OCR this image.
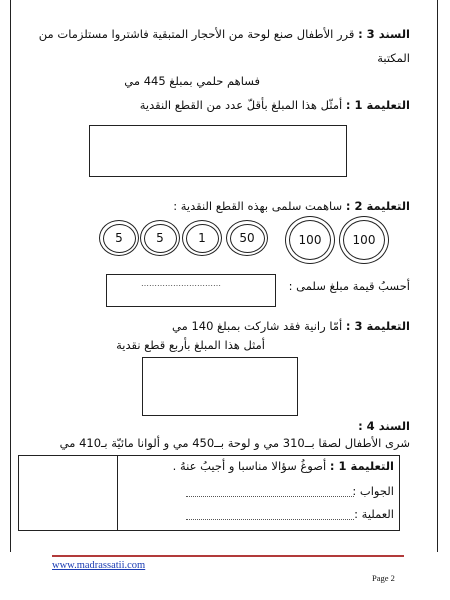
السند 3 : قرر الأطفال صنع لوحة من الأحجار المتبقية فاشتروا مستلزمات من
المكتبة
فساهم حلمي بمبلغ 445 مي
التعليمة 1 : أمثّل هذا المبلغ بأقلّ عدد من القطع النقدية
التعليمة 2 : ساهمت سلمى بهذه القطع النقدية :
100
100
50
1
5
5
أحسبُ قيمة مبلغ سلمى :
…………………………
التعليمة 3 : أمّا رانية فقد شاركت بمبلغ 140 مي
أمثل هذا المبلغ بأربع قطع نقدية
السند 4 :
شرى الأطفال لصقا بــ310 مي و لوحة بــ450 مي و ألوانا مائيّة بـ410 مي
التعليمة 1 : أصوغُ سؤالا مناسبا و أجيبُ عنهُ .
الجواب :
العملية :
www.madrassatii.com
Page 2
